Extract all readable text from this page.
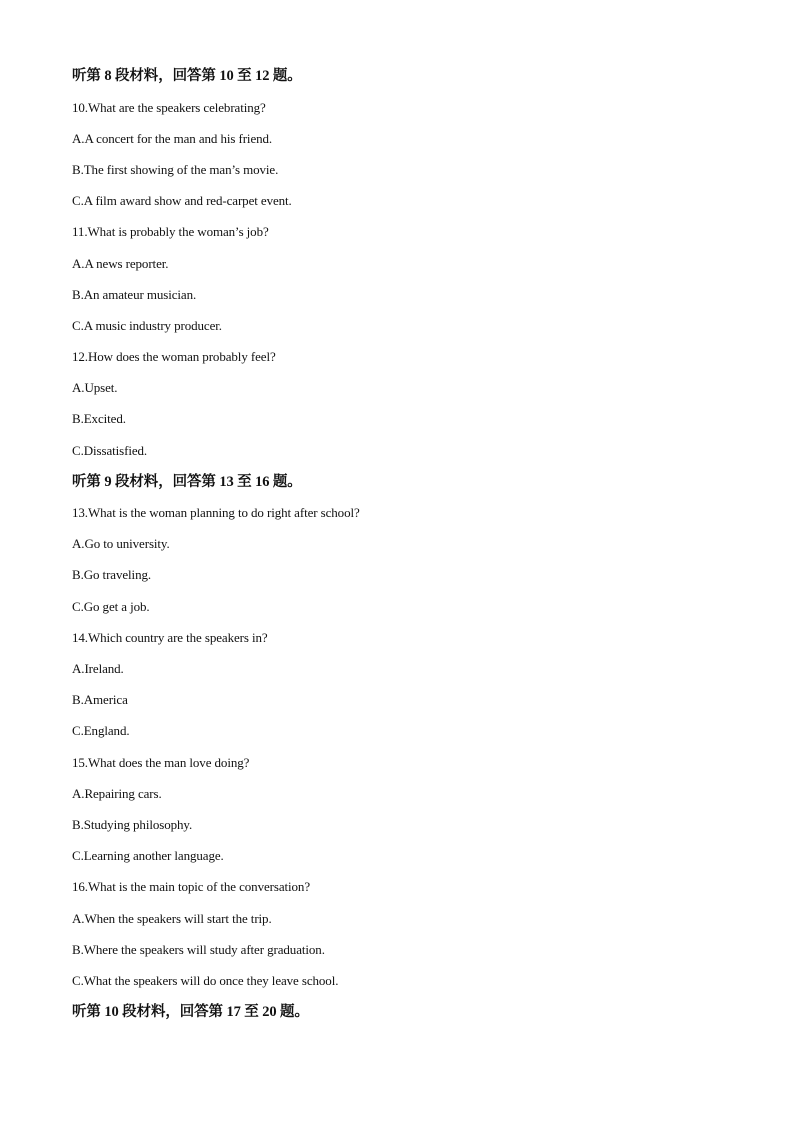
听第 8 段材料，回答第 10 至 12 题。
10.What are the speakers celebrating?
A.A concert for the man and his friend.
B.The first showing of the man’s movie.
C.A film award show and red-carpet event.
11.What is probably the woman’s job?
A.A news reporter.
B.An amateur musician.
C.A music industry producer.
12.How does the woman probably feel?
A.Upset.
B.Excited.
C.Dissatisfied.
听第 9 段材料，回答第 13 至 16 题。
13.What is the woman planning to do right after school?
A.Go to university.
B.Go traveling.
C.Go get a job.
14.Which country are the speakers in?
A.Ireland.
B.America
C.England.
15.What does the man love doing?
A.Repairing cars.
B.Studying philosophy.
C.Learning another language.
16.What is the main topic of the conversation?
A.When the speakers will start the trip.
B.Where the speakers will study after graduation.
C.What the speakers will do once they leave school.
听第 10 段材料，回答第 17 至 20 题。
